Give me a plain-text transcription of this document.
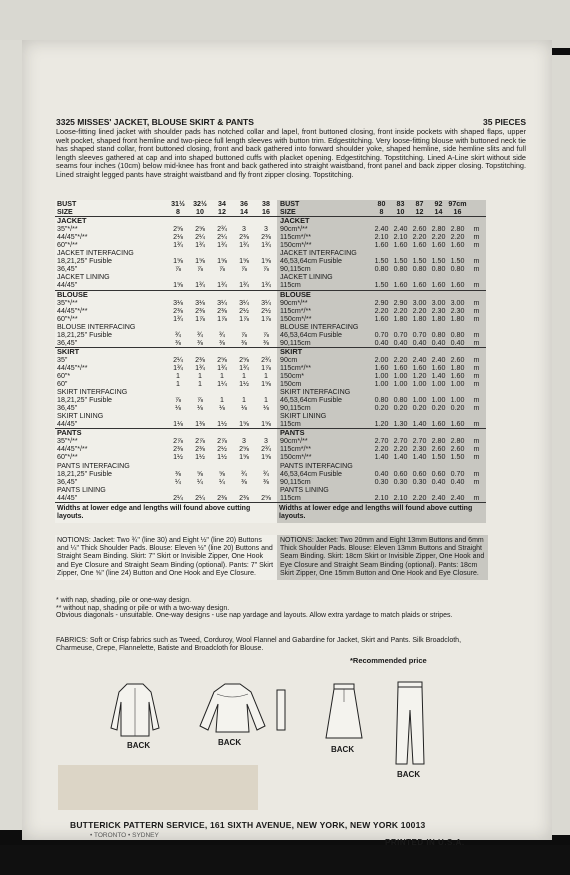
3325 MISSES' JACKET, BLOUSE SKIRT & PANTS	35 PIECES
Loose-fitting lined jacket with shoulder pads has notched collar and lapel, front buttoned closing, front inside pockets with shaped flaps, upper welt pocket, shaped front hemline and two-piece full length sleeves with button trim. Edgestitching. Very loose-fitting blouse with buttoned neck tie has shaped stand collar, front buttoned closing, front and back gathered into forward shoulder yoke, shaped hemline, side hemline slits and full length sleeves gathered at cap and into shaped buttoned cuffs with placket opening. Edgestitching. Topstitching. Lined A-Line skirt without side seams four inches (10cm) below mid-knee has front and back gathered into straight waistband, front panel and back zipper closing. Topstitching. Lined straight legged pants have straight waistband and fly front zipper closing. Topstitching.
BUST	31½	32½	34	36	38
SIZE	8	10	12	14	16
JACKET
35"*/**	2⅝	2⅝	2¾	3	3
44/45"*/**	2⅛	2¼	2¼	2⅜	2⅜
60"*/**	1¾	1¾	1¾	1¾	1¾
JACKET INTERFACING
18,21,25" Fusible	1⅝	1⅝	1⅝	1⅝	1⅝
36,45"	⅞	⅞	⅞	⅞	⅞
JACKET LINING
44/45"	1⅝	1¾	1¾	1¾	1¾
BLOUSE
35"*/**	3⅛	3⅛	3¼	3¼	3¼
44/45"*/**	2⅜	2⅜	2⅜	2½	2½
60"*/**	1¾	1⅞	1⅞	1⅞	1⅞
BLOUSE INTERFACING
18,21,25" Fusible	¾	¾	¾	⅞	⅞
36,45"	⅜	⅜	⅜	⅜	⅜
SKIRT
35"	2¼	2⅜	2⅝	2⅝	2¾
44/45"*/**	1¾	1¾	1¾	1¾	1⅞
60"*	1	1	1	1	1
60"	1	1	1¼	1½	1⅝
SKIRT INTERFACING
18,21,25" Fusible	⅞	⅞	1	1	1
36,45"	⅛	⅛	⅛	⅛	⅛
SKIRT LINING
44/45"	1⅛	1⅜	1½	1⅝	1⅝
PANTS
35"*/**	2⅞	2⅞	2⅞	3	3
44/45"*/**	2⅜	2⅜	2½	2⅝	2¾
60"*/**	1½	1½	1½	1⅝	1⅝
PANTS INTERFACING
18,21,25" Fusible	⅜	⅝	⅝	¾	¾
36,45"	¼	¼	¼	⅜	⅜
PANTS LINING
44/45"	2¼	2¼	2⅜	2⅜	2⅝
Widths at lower edge and lengths will found above cutting layouts.
BUST	80	83	87	92 97cm
SIZE	8	10	12	14	16
JACKET
90cm*/**	2.40 2.40 2.60 2.80 2.80	m
115cm*/**	2.10 2.10 2.20 2.20 2.20	m
150cm*/**	1.60 1.60 1.60 1.60 1.60	m
JACKET INTERFACING
46,53,64cm Fusible	1.50 1.50 1.50 1.50 1.50	m
90,115cm	0.80 0.80 0.80 0.80 0.80	m
JACKET LINING
115cm	1.50 1.60 1.60 1.60 1.60	m
BLOUSE
90cm*/**	2.90 2.90 3.00 3.00 3.00	m
115cm*/**	2.20 2.20 2.20 2.30 2.30	m
150cm*/**	1.60 1.80 1.80 1.80 1.80	m
BLOUSE INTERFACING
46,53,64cm Fusible	0.70 0.70 0.70 0.80 0.80	m
90,115cm	0.40 0.40 0.40 0.40 0.40	m
SKIRT
90cm	2.00 2.20 2.40 2.40 2.60	m
115cm*/**	1.60 1.60 1.60 1.60 1.80	m
150cm*	1.00 1.00 1.20 1.40 1.60	m
150cm	1.00 1.00 1.00 1.00 1.00	m
SKIRT INTERFACING
46,53,64cm Fusible	0.80 0.80 1.00 1.00 1.00	m
90,115cm	0.20 0.20 0.20 0.20 0.20	m
SKIRT LINING
115cm	1.20 1.30 1.40 1.60 1.60	m
PANTS
90cm*/**	2.70 2.70 2.70 2.80 2.80	m
115cm*/**	2.20 2.20 2.30 2.60 2.60	m
150cm*/**	1.40 1.40 1.40 1.50 1.50	m
PANTS INTERFACING
46,53,64cm Fusible	0.40 0.60 0.60 0.60 0.70	m
90,115cm	0.30 0.30 0.30 0.40 0.40	m
PANTS LINING
115cm	2.10 2.10 2.20 2.40 2.40	m
Widths at lower edge and lengths will found above cutting layouts.
NOTIONS: Jacket: Two ¾" (line 30) and Eight ½" (line 20) Buttons and ¼" Thick Shoulder Pads. Blouse: Eleven ½" (line 20) Buttons and Straight Seam Binding. Skirt: 7" Skirt or Invisible Zipper, One Hook and Eye Closure and Straight Seam Binding (optional). Pants: 7" Skirt Zipper, One ⅝" (line 24) Button and One Hook and Eye Closure.
NOTIONS: Jacket: Two 20mm and Eight 13mm Buttons and 6mm Thick Shoulder Pads. Blouse: Eleven 13mm Buttons and Straight Seam Binding. Skirt: 18cm Skirt or Invisible Zipper, One Hook and Eye Closure and Straight Seam Binding (optional). Pants: 18cm Skirt Zipper, One 15mm Button and One Hook and Eye Closure.
* with nap, shading, pile or one-way design.
** without nap, shading or pile or with a two-way design.
Obvious diagonals - unsuitable. One-way designs - use nap yardage and layouts. Allow extra yardage to match plaids or stripes.
FABRICS: Soft or Crisp fabrics such as Tweed, Corduroy, Wool Flannel and Gabardine for Jacket, Skirt and Pants. Silk Broadcloth, Charmeuse, Crepe, Flannelette, Batiste and Broadcloth for Blouse.
*Recommended price
BACK	BACK
BACK
BACK
BUTTERICK PATTERN SERVICE, 161 SIXTH AVENUE, NEW YORK, NEW YORK 10013
• TORONTO • SYDNEY
PRINTED IN U.S.A.
